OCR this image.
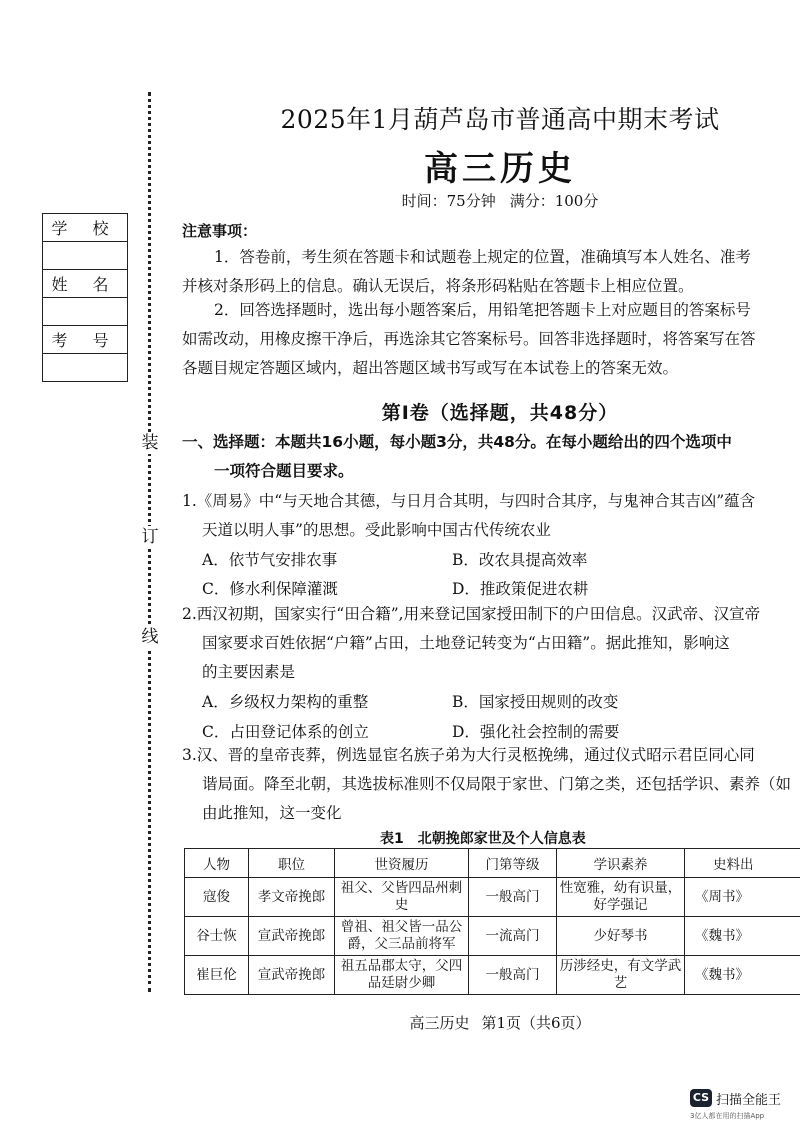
装
订
线
学 校

姓 名

考 号

2025年1月葫芦岛市普通高中期末考试
高三历史
时间：75分钟 满分：100分
注意事项：
1．答卷前，考生须在答题卡和试题卷上规定的位置，准确填写本人姓名、准考
并核对条形码上的信息。确认无误后，将条形码粘贴在答题卡上相应位置。
2．回答选择题时，选出每小题答案后，用铅笔把答题卡上对应题目的答案标号
如需改动，用橡皮擦干净后，再选涂其它答案标号。回答非选择题时，将答案写在答
各题目规定答题区域内，超出答题区域书写或写在本试卷上的答案无效。
第Ⅰ卷（选择题，共48分）
一、选择题：本题共16小题，每小题3分，共48分。在每小题给出的四个选项中
一项符合题目要求。
1.《周易》中“与天地合其德，与日月合其明，与四时合其序，与鬼神合其吉凶”蕴含
天道以明人事”的思想。受此影响中国古代传统农业
A．依节气安排农事	B．改农具提高效率
C．修水利保障灌溉	D．推政策促进农耕
2.西汉初期，国家实行“田合籍”,用来登记国家授田制下的户田信息。汉武帝、汉宣帝
国家要求百姓依据“户籍”占田，土地登记转变为“占田籍”。据此推知，影响这
的主要因素是
A．乡级权力架构的重整	B．国家授田规则的改变
C．占田登记体系的创立	D．强化社会控制的需要
3.汉、晋的皇帝丧葬，例选显宦名族子弟为大行灵柩挽绋，通过仪式昭示君臣同心同
谐局面。降至北朝，其选拔标准则不仅局限于家世、门第之类，还包括学识、素养（如
由此推知，这一变化
表1　北朝挽郎家世及个人信息表
人物	职位	世资履历	门第等级	学识素养	史料出
寇俊	孝文帝挽郎	祖父、父皆四品州刺史	一般高门	性宽雅，幼有识量，好学强记	《周书》
谷士恢	宣武帝挽郎	曾祖、祖父皆一品公爵，父三品前将军	一流高门	少好琴书	《魏书》
崔巨伦	宣武帝挽郎	祖五品郡太守，父四品廷尉少卿	一般高门	历涉经史，有文学武艺	《魏书》
高三历史 第1页（共6页）
CS 扫描全能王
3亿人都在用的扫描App
